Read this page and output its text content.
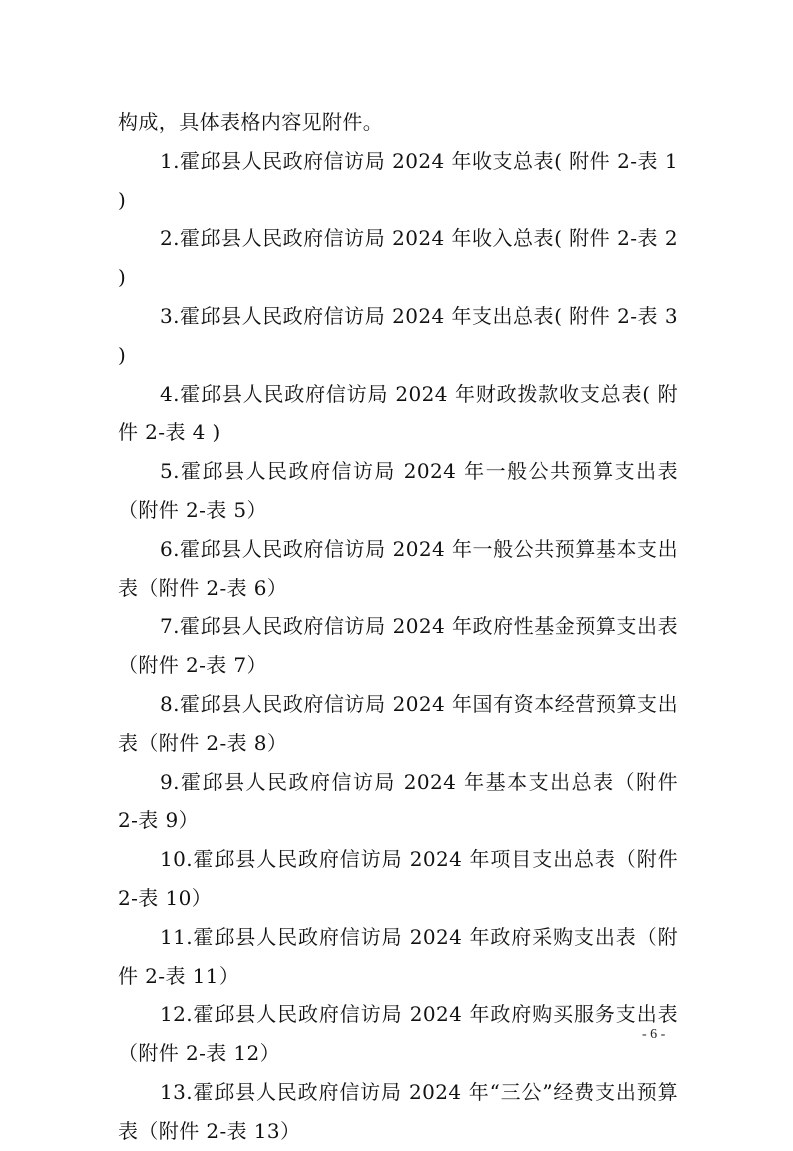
构成，具体表格内容见附件。

1.霍邱县人民政府信访局 2024 年收支总表( 附件 2-表 1 )

2.霍邱县人民政府信访局 2024 年收入总表( 附件 2-表 2 )

3.霍邱县人民政府信访局 2024 年支出总表( 附件 2-表 3 )

4.霍邱县人民政府信访局 2024 年财政拨款收支总表( 附件 2-表 4 )

5.霍邱县人民政府信访局 2024 年一般公共预算支出表（附件 2-表 5）

6.霍邱县人民政府信访局 2024 年一般公共预算基本支出表（附件 2-表 6）

7.霍邱县人民政府信访局 2024 年政府性基金预算支出表（附件 2-表 7）

8.霍邱县人民政府信访局 2024 年国有资本经营预算支出表（附件 2-表 8）

9.霍邱县人民政府信访局 2024 年基本支出总表（附件 2-表 9）

10.霍邱县人民政府信访局 2024 年项目支出总表（附件 2-表 10）

11.霍邱县人民政府信访局 2024 年政府采购支出表（附件 2-表 11）

12.霍邱县人民政府信访局 2024 年政府购买服务支出表（附件 2-表 12）

13.霍邱县人民政府信访局 2024 年“三公”经费支出预算表（附件 2-表 13）

- 6 -
